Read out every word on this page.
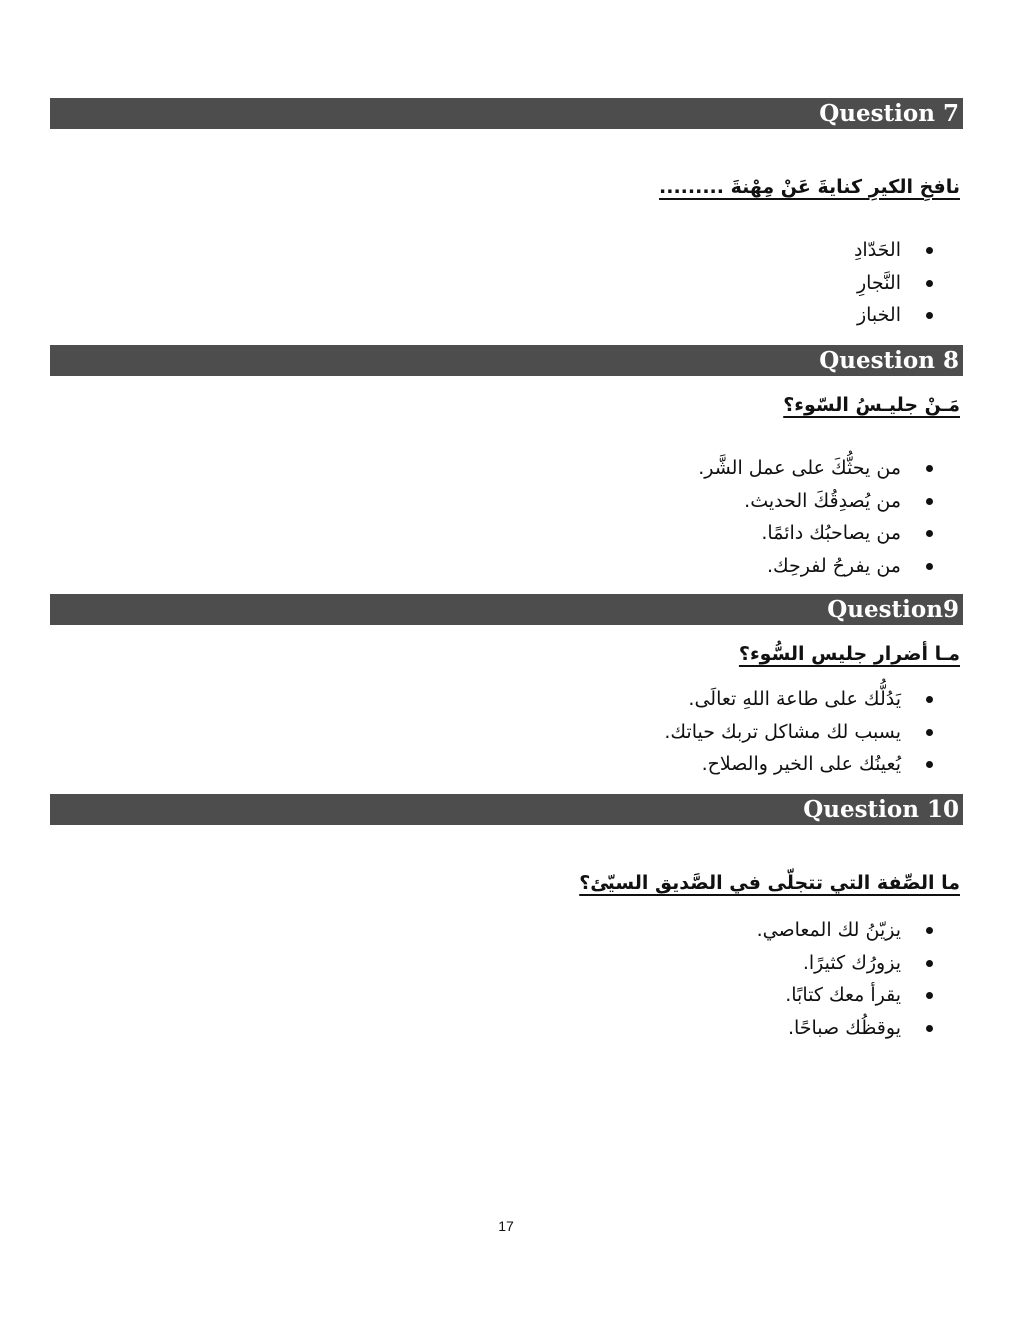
Question 7
نافخِ الكيرِ كنايةَ عَنْ مِهْنةَ .........
الحَدّادِ
النَّجارِ
الخباز
Question 8
مَـنْ جليـسُ السّوء؟
من يحثُّكَ على عمل الشَّر.
من يُصدِقُكَ الحديث.
من يصاحبُك دائمًا.
من يفرحُ لفرحِك.
Question9
مـا أضرار جليس السُّوء؟
يَدُلُّك على طاعة اللهِ تعالَى.
يسبب لك مشاكل تربك حياتك.
يُعينُك على الخير والصلاح.
Question 10
ما الصِّفة التي تتجلّى في الصَّديق السيّئ؟
يزيّنُ لك المعاصي.
يزورُك كثيرًا.
يقرأ معك كتابًا.
يوقظُك صباحًا.
17
